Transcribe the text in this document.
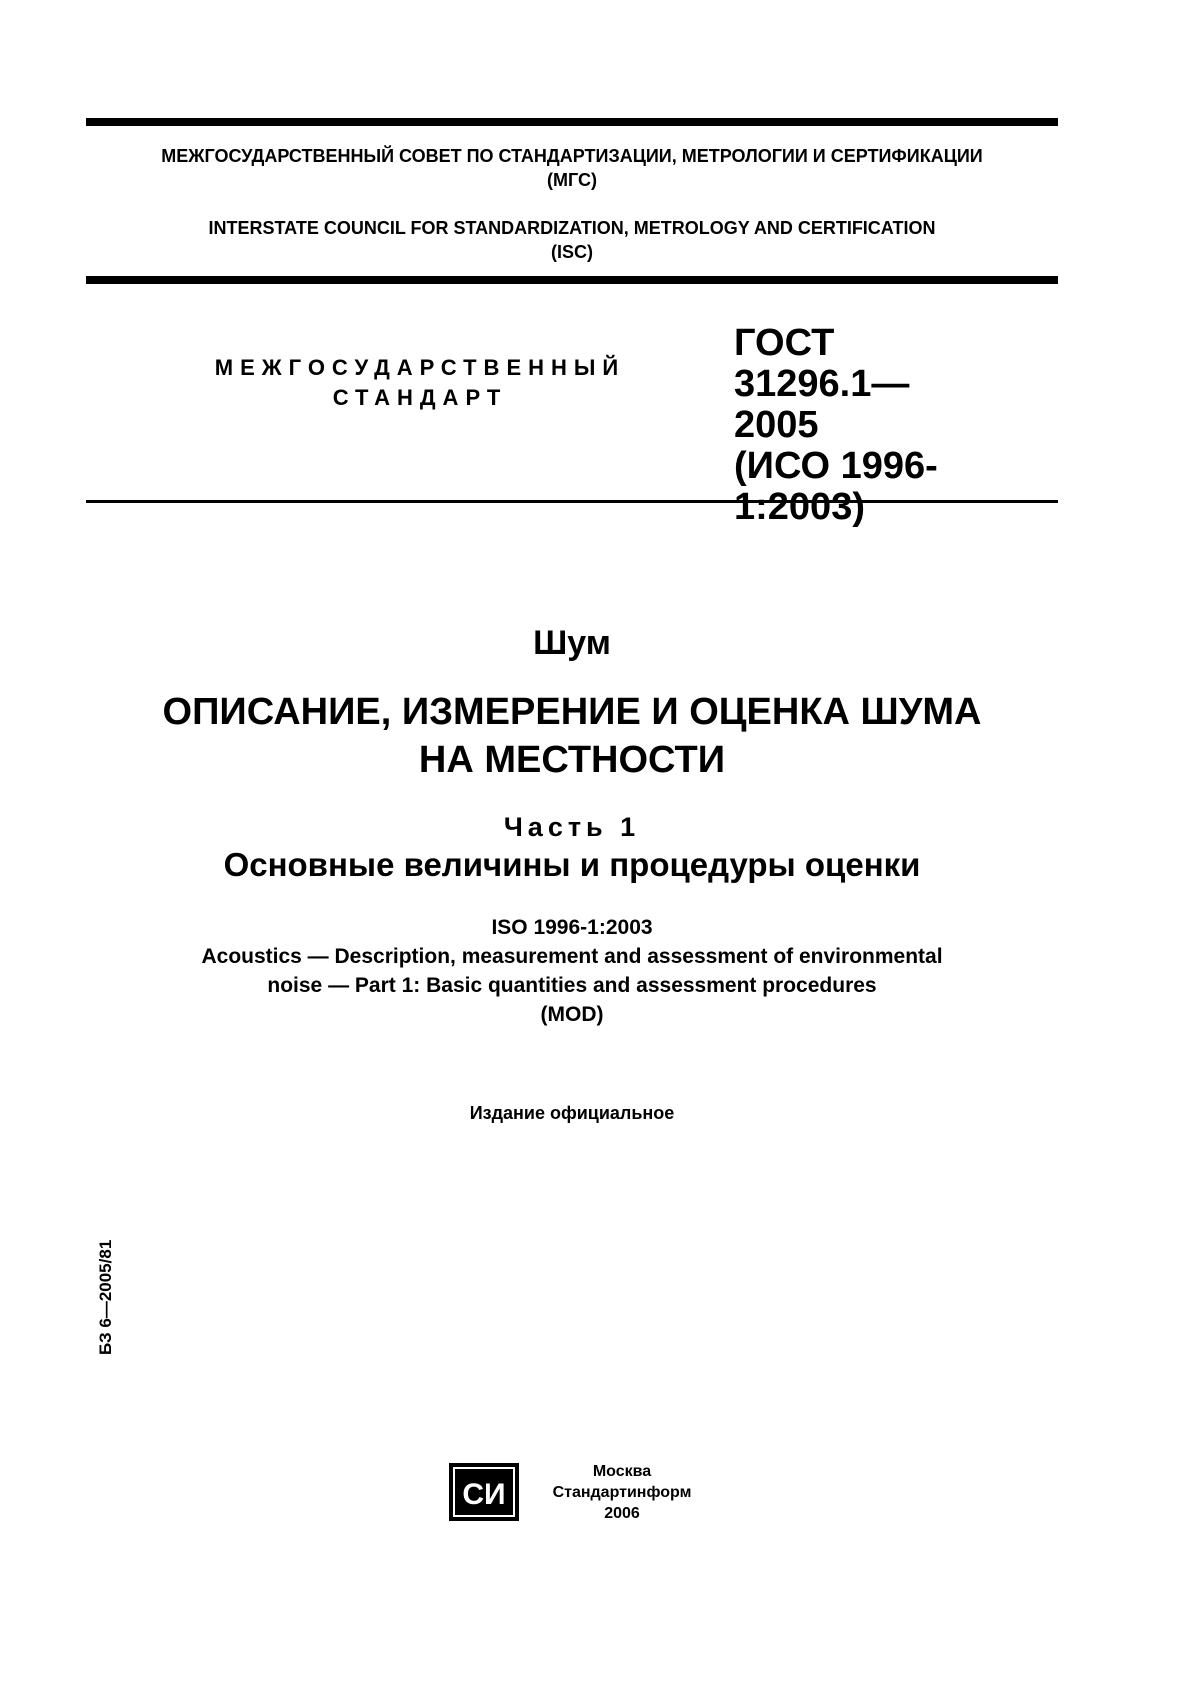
МЕЖГОСУДАРСТВЕННЫЙ СОВЕТ ПО СТАНДАРТИЗАЦИИ, МЕТРОЛОГИИ И СЕРТИФИКАЦИИ
(МГС)
INTERSTATE COUNCIL FOR STANDARDIZATION, METROLOGY AND CERTIFICATION
(ISC)
МЕЖГОСУДАРСТВЕННЫЙ
СТАНДАРТ
ГОСТ
31296.1—
2005
(ИСО 1996-1:2003)
Шум
ОПИСАНИЕ, ИЗМЕРЕНИЕ И ОЦЕНКА ШУМА
НА МЕСТНОСТИ
Часть 1
Основные величины и процедуры оценки
ISO 1996-1:2003
Acoustics — Description, measurement and assessment of environmental
noise — Part 1: Basic quantities and assessment procedures
(MOD)
Издание официальное
БЗ 6—2005/81
СИ
Москва
Стандартинформ
2006
